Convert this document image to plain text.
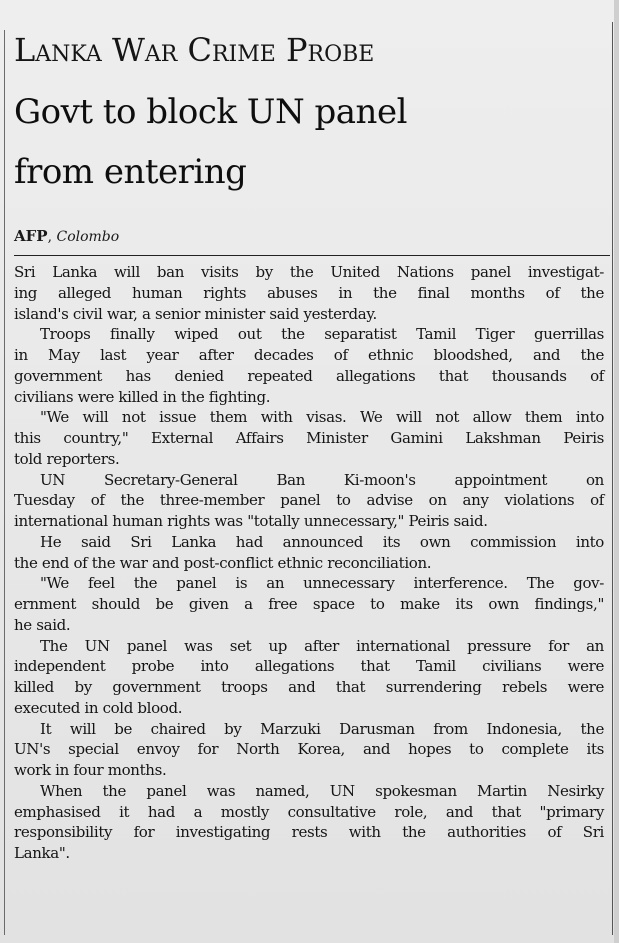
Lanka War Crime Probe
Govt to block UN panel
from entering
AFP, Colombo
Sri Lanka will ban visits by the United Nations panel investigat-
ing alleged human rights abuses in the final months of the
island's civil war, a senior minister said yesterday.
Troops finally wiped out the separatist Tamil Tiger guerrillas
in May last year after decades of ethnic bloodshed, and the
government has denied repeated allegations that thousands of
civilians were killed in the fighting.
"We will not issue them with visas. We will not allow them into
this country," External Affairs Minister Gamini Lakshman Peiris
told reporters.
UN Secretary-General Ban Ki-moon's appointment on
Tuesday of the three-member panel to advise on any violations of
international human rights was "totally unnecessary," Peiris said.
He said Sri Lanka had announced its own commission into
the end of the war and post-conflict ethnic reconciliation.
"We feel the panel is an unnecessary interference. The gov-
ernment should be given a free space to make its own findings,"
he said.
The UN panel was set up after international pressure for an
independent probe into allegations that Tamil civilians were
killed by government troops and that surrendering rebels were
executed in cold blood.
It will be chaired by Marzuki Darusman from Indonesia, the
UN's special envoy for North Korea, and hopes to complete its
work in four months.
When the panel was named, UN spokesman Martin Nesirky
emphasised it had a mostly consultative role, and that "primary
responsibility for investigating rests with the authorities of Sri
Lanka".
